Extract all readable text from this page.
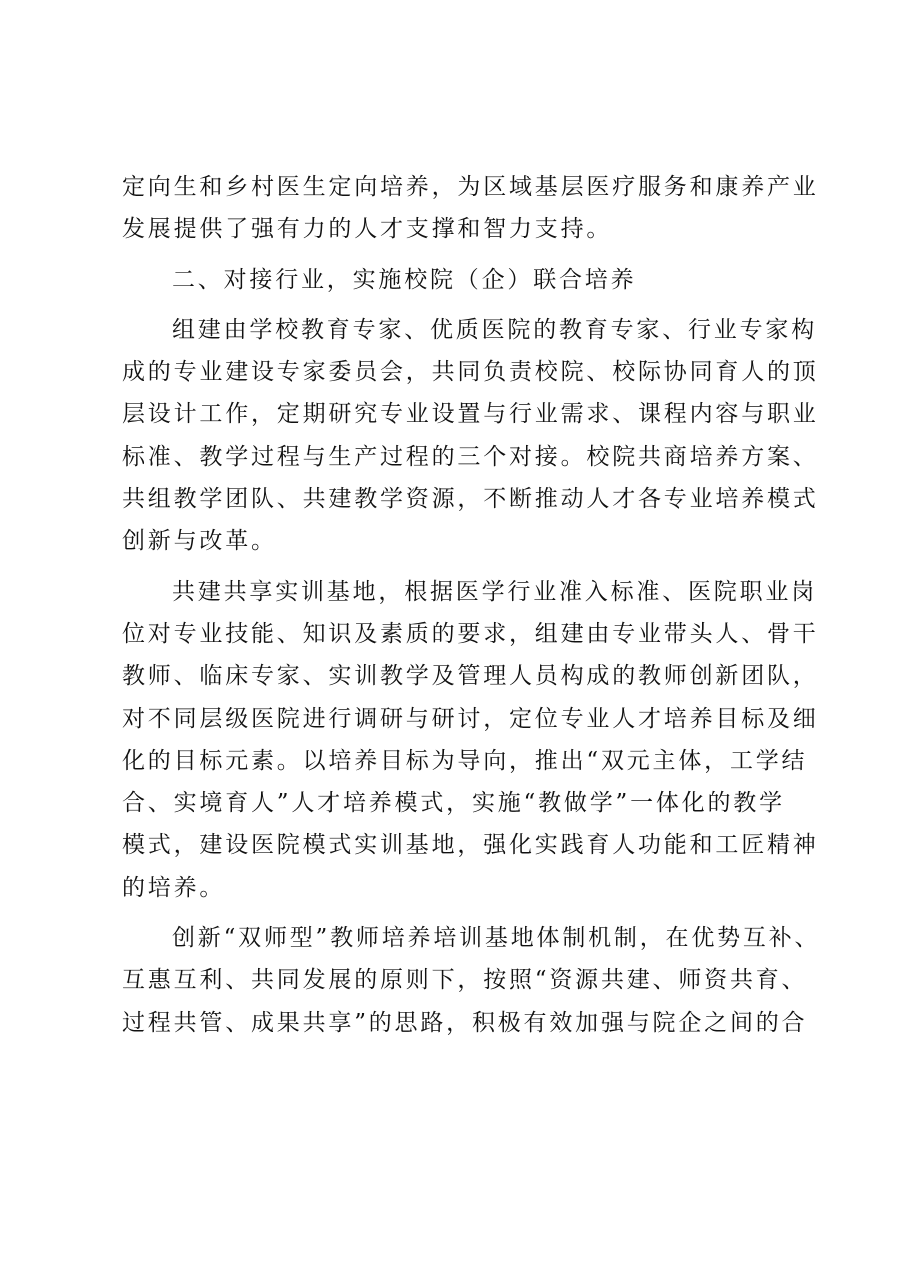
定向生和乡村医生定向培养，为区域基层医疗服务和康养产业
发展提供了强有力的人才支撑和智力支持。
二、对接行业，实施校院（企）联合培养
组建由学校教育专家、优质医院的教育专家、行业专家构
成的专业建设专家委员会，共同负责校院、校际协同育人的顶
层设计工作，定期研究专业设置与行业需求、课程内容与职业
标准、教学过程与生产过程的三个对接。校院共商培养方案、
共组教学团队、共建教学资源，不断推动人才各专业培养模式
创新与改革。
共建共享实训基地，根据医学行业准入标准、医院职业岗
位对专业技能、知识及素质的要求，组建由专业带头人、骨干
教师、临床专家、实训教学及管理人员构成的教师创新团队，
对不同层级医院进行调研与研讨，定位专业人才培养目标及细
化的目标元素。以培养目标为导向，推出“双元主体，工学结
合、实境育人”人才培养模式，实施“教做学”一体化的教学
模式，建设医院模式实训基地，强化实践育人功能和工匠精神
的培养。
创新“双师型”教师培养培训基地体制机制，在优势互补、
互惠互利、共同发展的原则下，按照“资源共建、师资共育、
过程共管、成果共享”的思路，积极有效加强与院企之间的合
